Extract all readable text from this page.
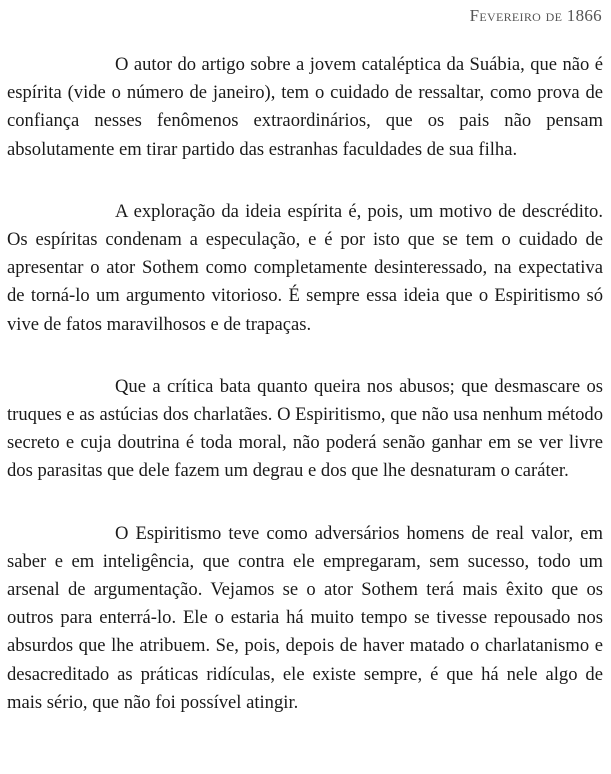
Fevereiro de 1866

O autor do artigo sobre a jovem cataléptica da Suábia, que não é espírita (vide o número de janeiro), tem o cuidado de ressaltar, como prova de confiança nesses fenômenos extraordinários, que os pais não pensam absolutamente em tirar partido das estranhas faculdades de sua filha.

A exploração da ideia espírita é, pois, um motivo de descrédito. Os espíritas condenam a especulação, e é por isto que se tem o cuidado de apresentar o ator Sothem como completamente desinteressado, na expectativa de torná-lo um argumento vitorioso. É sempre essa ideia que o Espiritismo só vive de fatos maravilhosos e de trapaças.

Que a crítica bata quanto queira nos abusos; que desmascare os truques e as astúcias dos charlatães. O Espiritismo, que não usa nenhum método secreto e cuja doutrina é toda moral, não poderá senão ganhar em se ver livre dos parasitas que dele fazem um degrau e dos que lhe desnaturam o caráter.

O Espiritismo teve como adversários homens de real valor, em saber e em inteligência, que contra ele empregaram, sem sucesso, todo um arsenal de argumentação. Vejamos se o ator Sothem terá mais êxito que os outros para enterrá-lo. Ele o estaria há muito tempo se tivesse repousado nos absurdos que lhe atribuem. Se, pois, depois de haver matado o charlatanismo e desacreditado as práticas ridículas, ele existe sempre, é que há nele algo de mais sério, que não foi possível atingir.
